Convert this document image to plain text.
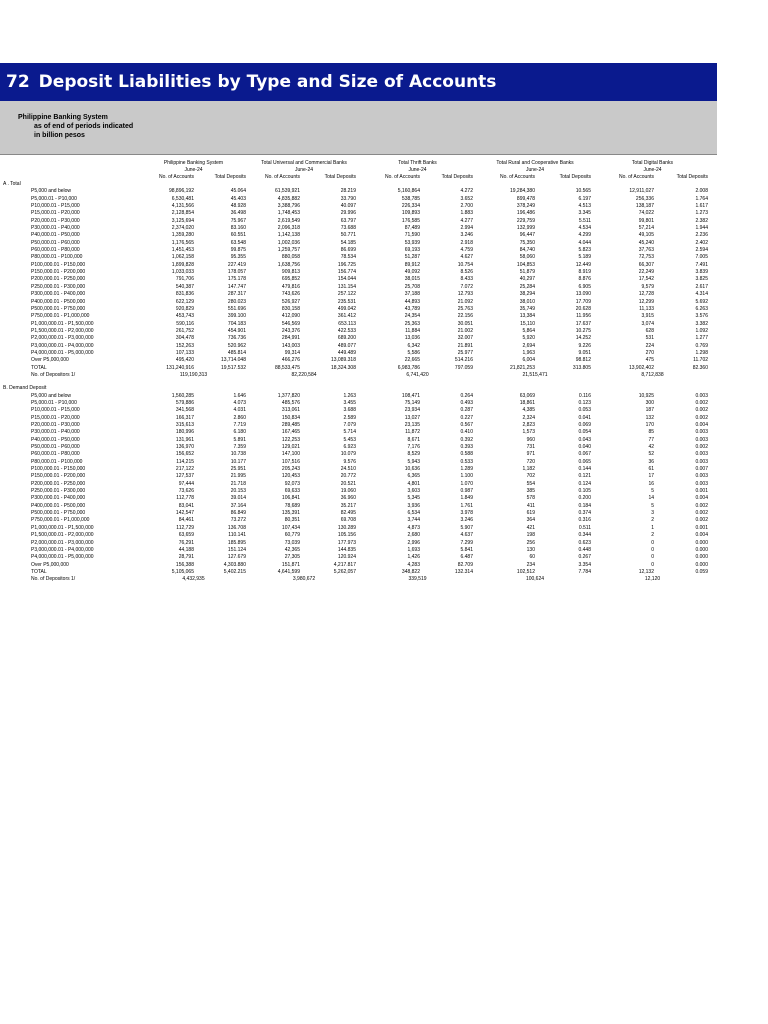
72 Deposit Liabilities by Type and Size of Accounts
Philippine Banking System
as of end of periods indicated
in billion pesos
Philippine Banking System	Total Universal and Commercial Banks	Total Thrift Banks	Total Rural and Cooperative Banks	Total Digital Banks
June-24	June-24	June-24	June-24	June-24
No. of Accounts	Total Deposits	No. of Accounts	Total Deposits	No. of Accounts	Total Deposits	No. of Accounts	Total Deposits	No. of Accounts	Total Deposits
A . Total
P5,000 and below	98,896,192	45.064	61,539,921	28.219	5,160,864	4.272	19,284,380	10.565	12,911,027	2.008
P5,000.01 - P10,000	6,530,481	45.403	4,835,882	33.790	538,785	3.652	899,478	6.197	256,336	1.764
P10,000.01 - P15,000	4,131,566	48.928	3,388,796	40.097	226,334	2.700	378,249	4.513	138,187	1.617
P15,000.01 - P20,000	2,128,854	36.498	1,748,453	29.996	109,893	1.883	196,486	3.345	74,022	1.273
P20,000.01 - P30,000	3,125,694	75.967	2,619,549	63.797	176,585	4.277	229,759	5.511	99,801	2.382
P30,000.01 - P40,000	2,374,020	83.160	2,096,318	73.688	87,489	2.994	132,999	4.534	57,214	1.944
P40,000.01 - P50,000	1,359,280	60.551	1,142,138	50.771	71,590	3.246	96,447	4.299	49,105	2.236
P50,000.01 - P60,000	1,176,565	63.548	1,002,036	54.185	53,939	2.918	75,350	4.044	45,240	2.402
P60,000.01 - P80,000	1,451,453	99.875	1,259,757	86.699	69,193	4.759	84,740	5.823	37,763	2.594
P80,000.01 - P100,000	1,062,158	95.355	880,058	78.534	51,287	4.627	58,060	5.189	72,753	7.005
P100,000.01 - P150,000	1,899,828	227.419	1,638,756	196.725	89,912	10.754	104,853	12.449	66,307	7.491
P150,000.01 - P200,000	1,033,033	178.057	909,813	156.774	49,092	8.526	51,879	8.919	22,249	3.839
P200,000.01 - P250,000	791,706	175.178	695,852	154.044	38,015	8.433	40,297	8.876	17,542	3.825
P250,000.01 - P300,000	540,387	147.747	479,816	131.154	25,708	7.072	25,284	6.905	9,579	2.617
P300,000.01 - P400,000	831,836	287.317	743,626	257.122	37,188	12.793	38,294	13.090	12,728	4.314
P400,000.01 - P500,000	622,129	280.023	526,927	235.531	44,893	21.092	38,010	17.709	12,299	5.692
P500,000.01 - P750,000	920,829	551.696	830,158	499.042	43,789	25.763	35,749	20.628	11,133	6.263
P750,000.01 - P1,000,000	453,743	399.100	412,090	361.412	24,354	22.156	13,384	11.956	3,915	3.576
P1,000,000.01 - P1,500,000	590,116	704.183	546,569	653.113	25,363	30.051	15,110	17.637	3,074	3.382
P1,500,000.01 - P2,000,000	261,752	454.901	243,376	422.533	11,884	21.002	5,864	10.275	628	1.092
P2,000,000.01 - P3,000,000	304,478	736.736	284,991	689.200	13,036	32.007	5,920	14.252	531	1.277
P3,000,000.01 - P4,000,000	152,263	520.962	143,003	489.077	6,342	21.891	2,694	9.226	224	0.769
P4,000,000.01 - P5,000,000	107,133	485.814	99,314	449.489	5,586	25.977	1,963	9.051	270	1.298
Over P5,000,000	495,420	13,714.048	466,276	13,089.318	22,665	514.216	6,004	98.812	475	11.702
TOTAL	131,240,916	19,517.532	88,533,475	18,324.308	6,983,786	797.059	21,821,253	313.805	13,902,402	82.360
No. of Depositors 1/	119,190,313	82,220,584	6,741,420	21,515,471	8,712,838
B. Demand Deposit
P5,000 and below	1,560,285	1.646	1,377,820	1.263	108,471	0.264	63,069	0.116	10,925	0.003
P5,000.01 - P10,000	579,886	4.073	485,576	3.455	75,149	0.493	18,861	0.123	300	0.002
P10,000.01 - P15,000	341,568	4.031	313,061	3.688	23,934	0.287	4,385	0.053	187	0.002
P15,000.01 - P20,000	166,317	2.860	150,834	2.589	13,027	0.227	2,324	0.041	132	0.002
P20,000.01 - P30,000	315,613	7.719	289,485	7.079	23,135	0.567	2,823	0.069	170	0.004
P30,000.01 - P40,000	180,996	6.180	167,465	5.714	11,872	0.410	1,573	0.054	85	0.003
P40,000.01 - P50,000	131,961	5.891	122,253	5.453	8,671	0.392	960	0.043	77	0.003
P50,000.01 - P60,000	136,970	7.359	129,021	6.923	7,176	0.393	731	0.040	42	0.002
P60,000.01 - P80,000	156,652	10.738	147,100	10.079	8,529	0.588	971	0.067	52	0.003
P80,000.01 - P100,000	114,215	10.177	107,516	9.576	5,943	0.533	720	0.065	36	0.003
P100,000.01 - P150,000	217,122	25.951	205,243	24.510	10,636	1.289	1,182	0.144	61	0.007
P150,000.01 - P200,000	127,537	21.995	120,453	20.772	6,365	1.100	702	0.121	17	0.003
P200,000.01 - P250,000	97,444	21.718	92,073	20.521	4,801	1.070	554	0.124	16	0.003
P250,000.01 - P300,000	73,626	20.153	69,633	19.060	3,603	0.987	385	0.105	5	0.001
P300,000.01 - P400,000	112,778	39.014	106,841	36.960	5,345	1.849	578	0.200	14	0.004
P400,000.01 - P500,000	83,041	37.164	78,689	35.217	3,936	1.761	411	0.184	5	0.002
P500,000.01 - P750,000	142,547	86.849	135,391	82.495	6,534	3.978	619	0.374	3	0.002
P750,000.01 - P1,000,000	84,461	73.272	80,351	69.708	3,744	3.246	364	0.316	2	0.002
P1,000,000.01 - P1,500,000	112,729	136.708	107,434	130.289	4,873	5.907	421	0.511	1	0.001
P1,500,000.01 - P2,000,000	63,659	110.141	60,779	105.156	2,680	4.637	198	0.344	2	0.004
P2,000,000.01 - P3,000,000	76,291	185.895	73,039	177.973	2,996	7.299	256	0.623	0	0.000
P3,000,000.01 - P4,000,000	44,188	151.124	42,365	144.835	1,693	5.841	130	0.448	0	0.000
P4,000,000.01 - P5,000,000	28,791	127.679	27,305	120.924	1,426	6.487	60	0.267	0	0.000
Over P5,000,000	156,388	4,303.880	151,871	4,217.817	4,283	82.709	234	3.354	0	0.000
TOTAL	5,105,065	5,402.215	4,641,599	5,262,057	348,822	132.314	102,512	7.784	12,132	0.059
No. of Depositors 1/	4,432,935	3,980,672	339,519	100,624	12,120
